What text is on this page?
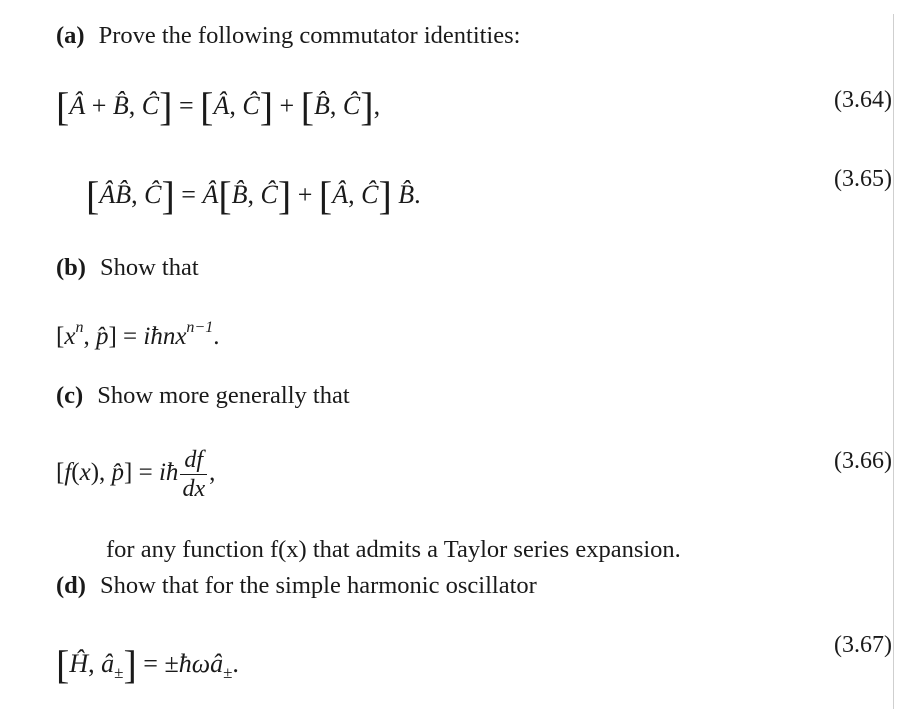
(a) Prove the following commutator identities:
[Â + B̂, Ĉ] = [Â, Ĉ] + [B̂, Ĉ],	(3.64)
[ÂB̂, Ĉ] = Â[B̂, Ĉ] + [Â, Ĉ] B̂.
(3.65)
(b) Show that
[$x^n$, p̂] = iħnx$^{n-1}$.
(c) Show more generally that
[f(x), p̂] = iħ $\frac{df}{dx}$ ,	(3.66)
for any function f(x) that admits a Taylor series expansion.
(d) Show that for the simple harmonic oscillator
[Ĥ, $â_\pm$] = ±ħωâ$_\pm$.
(3.67)
